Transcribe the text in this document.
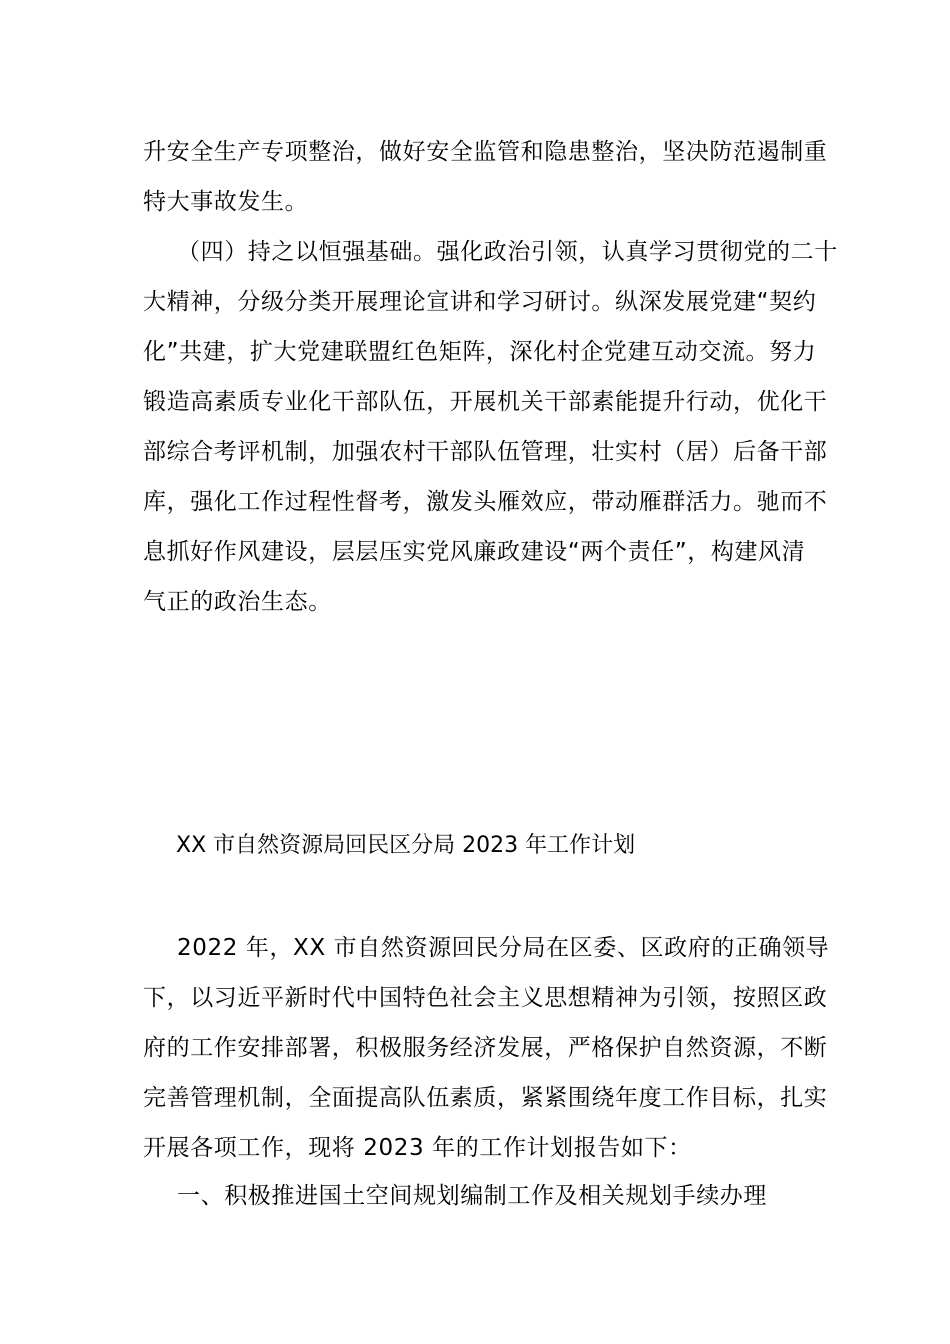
升安全生产专项整治，做好安全监管和隐患整治，坚决防范遏制重
特大事故发生。
（四）持之以恒强基础。强化政治引领，认真学习贯彻党的二十
大精神，分级分类开展理论宣讲和学习研讨。纵深发展党建“契约
化”共建，扩大党建联盟红色矩阵，深化村企党建互动交流。努力
锻造高素质专业化干部队伍，开展机关干部素能提升行动，优化干
部综合考评机制，加强农村干部队伍管理，壮实村（居）后备干部
库，强化工作过程性督考，激发头雁效应，带动雁群活力。驰而不
息抓好作风建设，层层压实党风廉政建设“两个责任”，构建风清
气正的政治生态。
XX 市自然资源局回民区分局 2023 年工作计划
2022 年，XX 市自然资源回民分局在区委、区政府的正确领导
下，以习近平新时代中国特色社会主义思想精神为引领，按照区政
府的工作安排部署，积极服务经济发展，严格保护自然资源，不断
完善管理机制，全面提高队伍素质，紧紧围绕年度工作目标，扎实
开展各项工作，现将 2023 年的工作计划报告如下：
一、积极推进国土空间规划编制工作及相关规划手续办理
